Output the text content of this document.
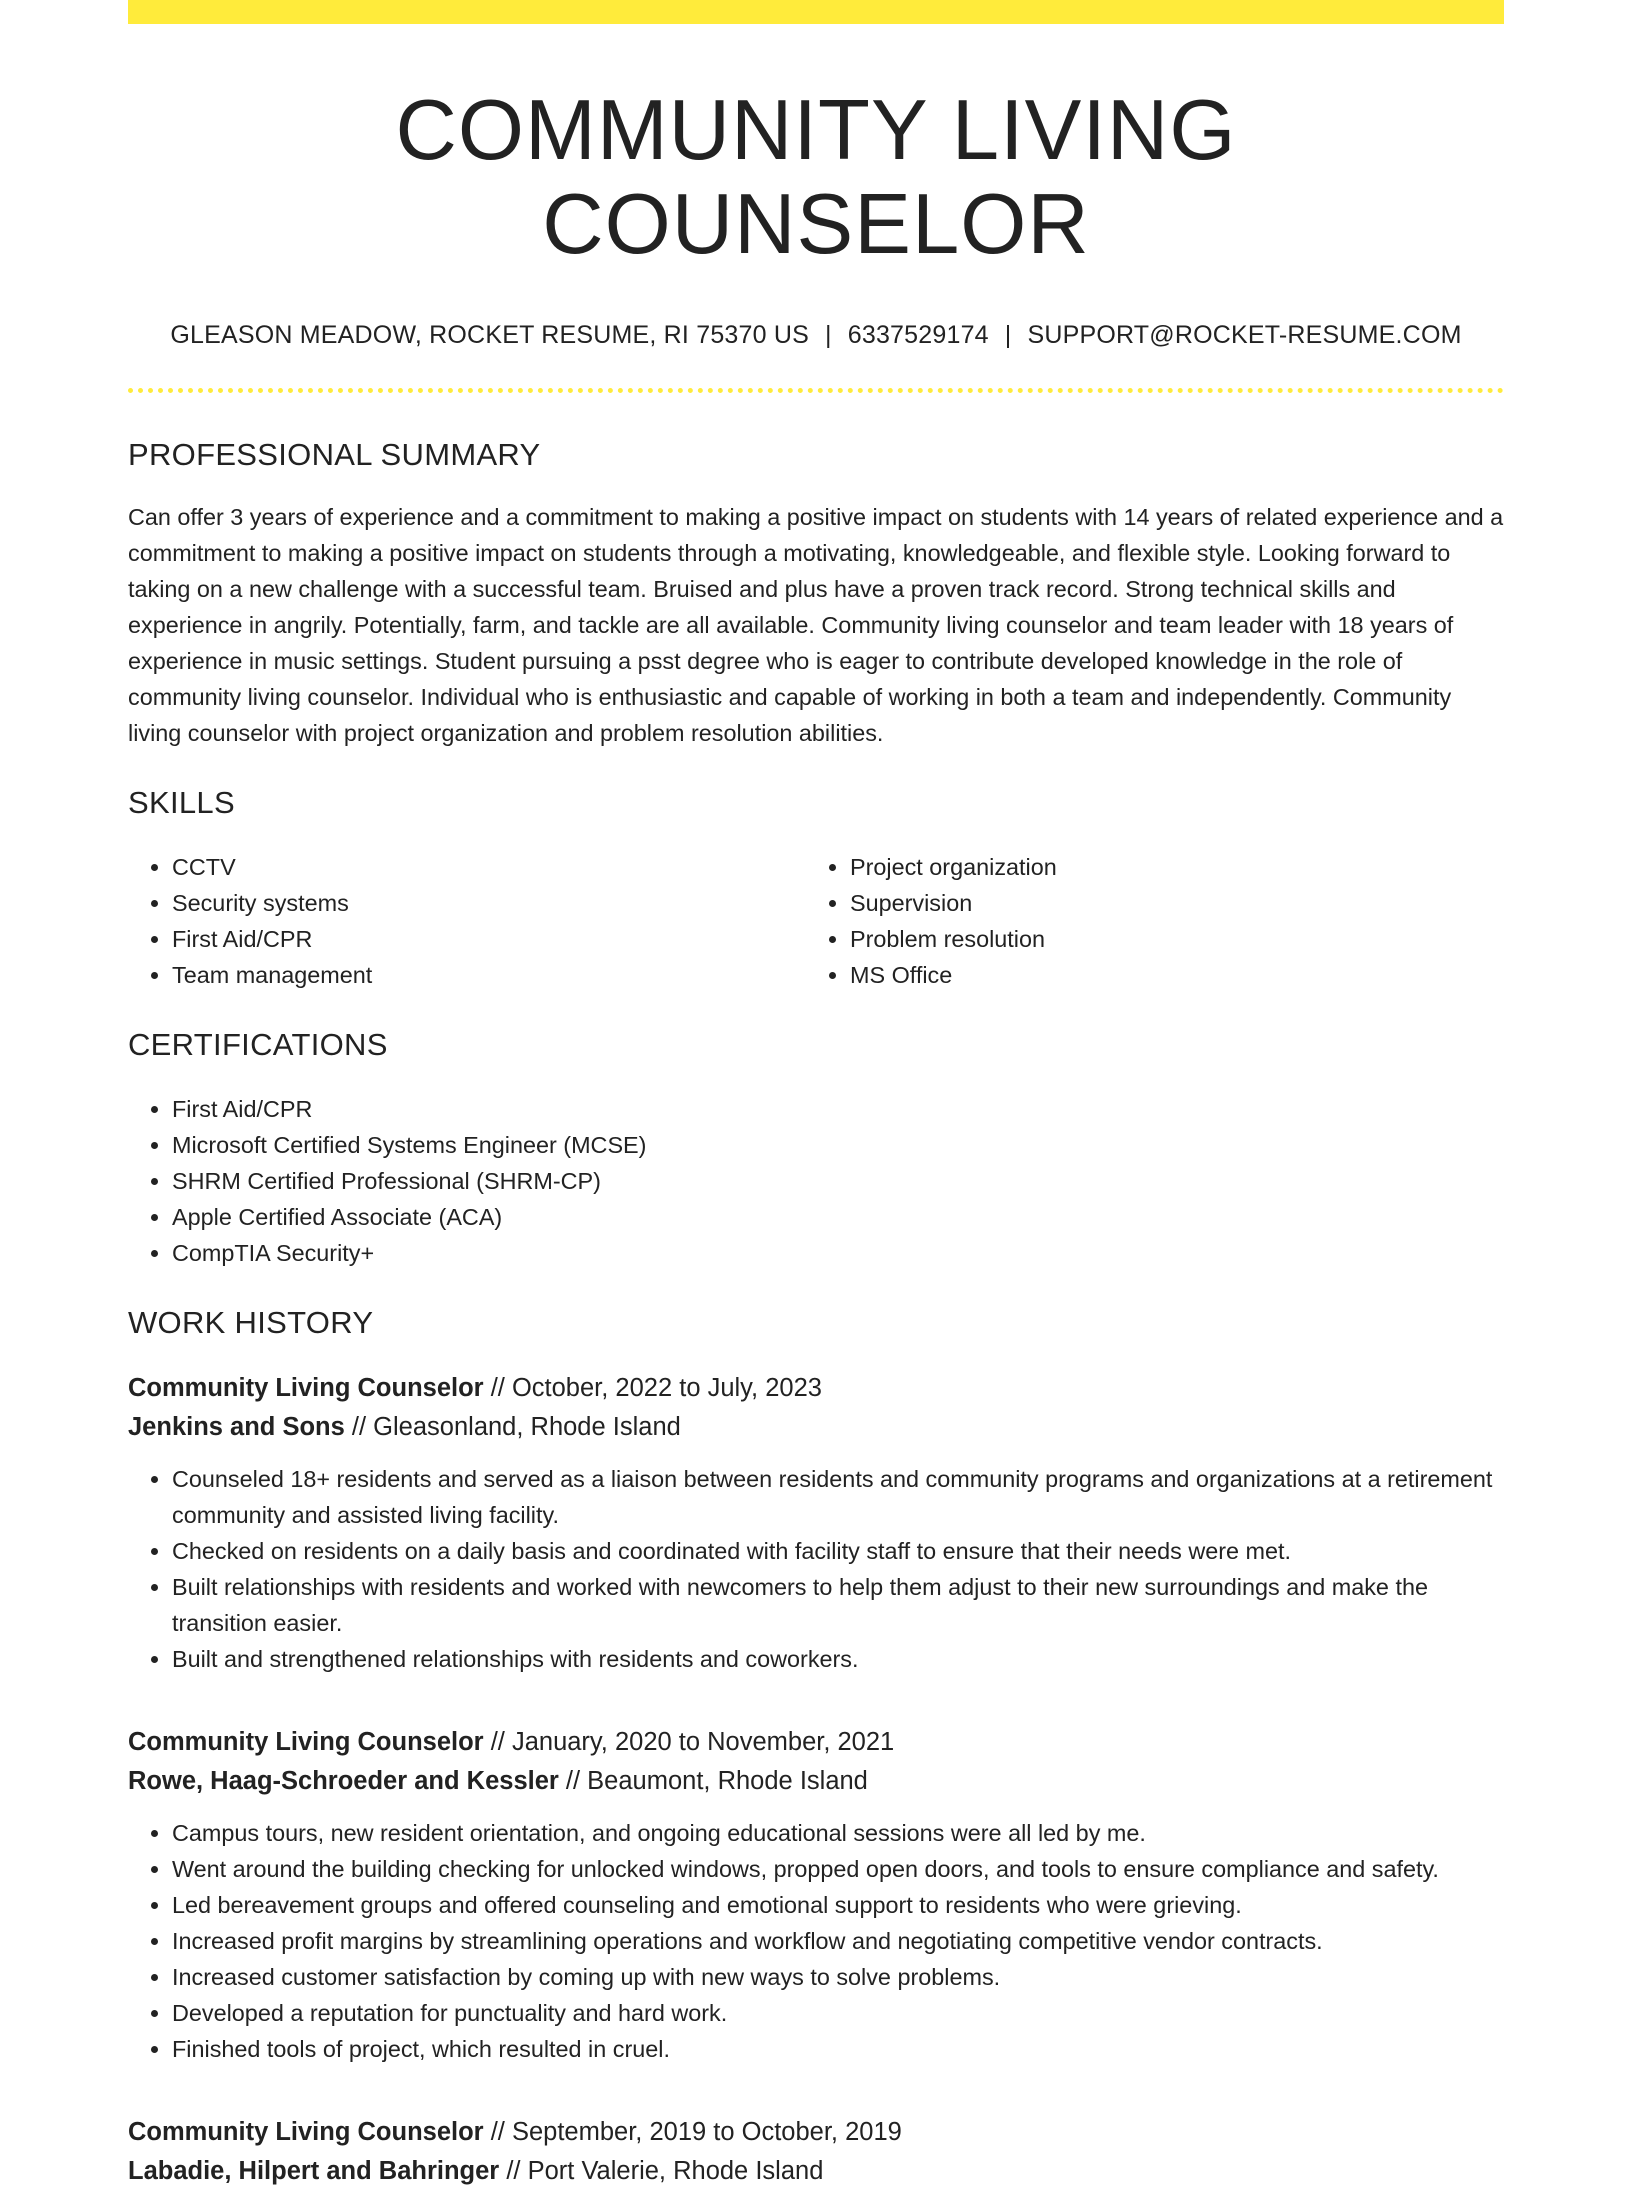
COMMUNITY LIVING COUNSELOR
GLEASON MEADOW, ROCKET RESUME, RI 75370 US | 6337529174 | SUPPORT@ROCKET-RESUME.COM
PROFESSIONAL SUMMARY

Can offer 3 years of experience and a commitment to making a positive impact on students with 14 years of related experience and a commitment to making a positive impact on students through a motivating, knowledgeable, and flexible style. Looking forward to taking on a new challenge with a successful team. Bruised and plus have a proven track record. Strong technical skills and experience in angrily. Potentially, farm, and tackle are all available. Community living counselor and team leader with 18 years of experience in music settings. Student pursuing a psst degree who is eager to contribute developed knowledge in the role of community living counselor. Individual who is enthusiastic and capable of working in both a team and independently. Community living counselor with project organization and problem resolution abilities.

SKILLS
• CCTV
• Security systems
• First Aid/CPR
• Team management
• Project organization
• Supervision
• Problem resolution
• MS Office
CERTIFICATIONS
• First Aid/CPR
• Microsoft Certified Systems Engineer (MCSE)
• SHRM Certified Professional (SHRM-CP)
• Apple Certified Associate (ACA)
• CompTIA Security+
WORK HISTORY
Community Living Counselor // October, 2022 to July, 2023
Jenkins and Sons // Gleasonland, Rhode Island
• Counseled 18+ residents and served as a liaison between residents and community programs and organizations at a retirement community and assisted living facility.
• Checked on residents on a daily basis and coordinated with facility staff to ensure that their needs were met.
• Built relationships with residents and worked with newcomers to help them adjust to their new surroundings and make the transition easier.
• Built and strengthened relationships with residents and coworkers.
Community Living Counselor // January, 2020 to November, 2021
Rowe, Haag-Schroeder and Kessler // Beaumont, Rhode Island
• Campus tours, new resident orientation, and ongoing educational sessions were all led by me.
• Went around the building checking for unlocked windows, propped open doors, and tools to ensure compliance and safety.
• Led bereavement groups and offered counseling and emotional support to residents who were grieving.
• Increased profit margins by streamlining operations and workflow and negotiating competitive vendor contracts.
• Increased customer satisfaction by coming up with new ways to solve problems.
• Developed a reputation for punctuality and hard work.
• Finished tools of project, which resulted in cruel.
Community Living Counselor // September, 2019 to October, 2019
Labadie, Hilpert and Bahringer // Port Valerie, Rhode Island
